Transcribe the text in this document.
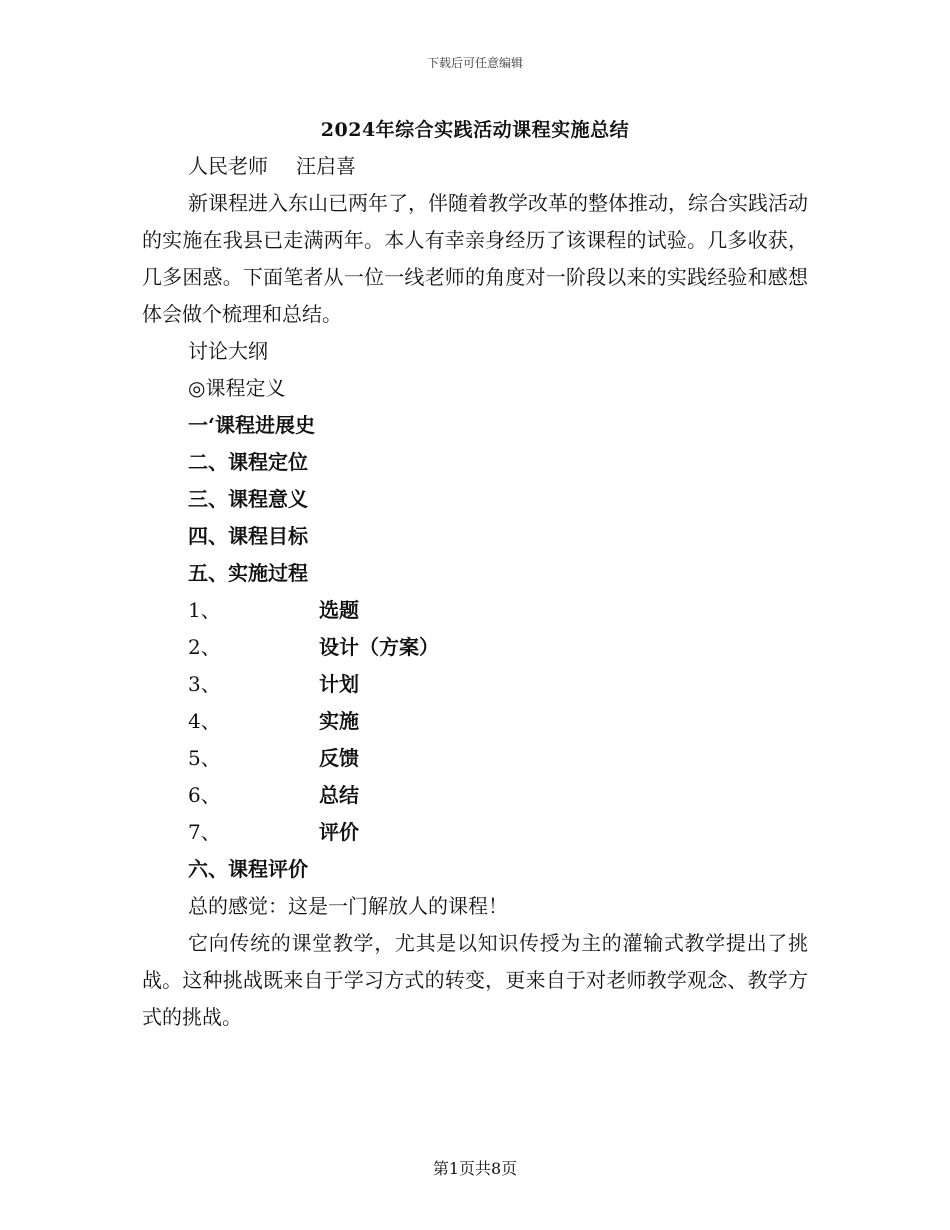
下载后可任意编辑
2024年综合实践活动课程实施总结
人民老师 汪启喜

新课程进入东山已两年了，伴随着教学改革的整体推动，综合实践活动的实施在我县已走满两年。本人有幸亲身经历了该课程的试验。几多收获，几多困惑。下面笔者从一位一线老师的角度对一阶段以来的实践经验和感想体会做个梳理和总结。

讨论大纲
◎课程定义
一‘课程进展史
二、课程定位
三、课程意义
四、课程目标
五、实施过程
1、	选题
2、	设计（方案）
3、	计划
4、	实施
5、	反馈
6、	总结
7、	评价
六、课程评价
总的感觉：这是一门解放人的课程！

它向传统的课堂教学，尤其是以知识传授为主的灌输式教学提出了挑战。这种挑战既来自于学习方式的转变，更来自于对老师教学观念、教学方式的挑战。

第1页共8页
